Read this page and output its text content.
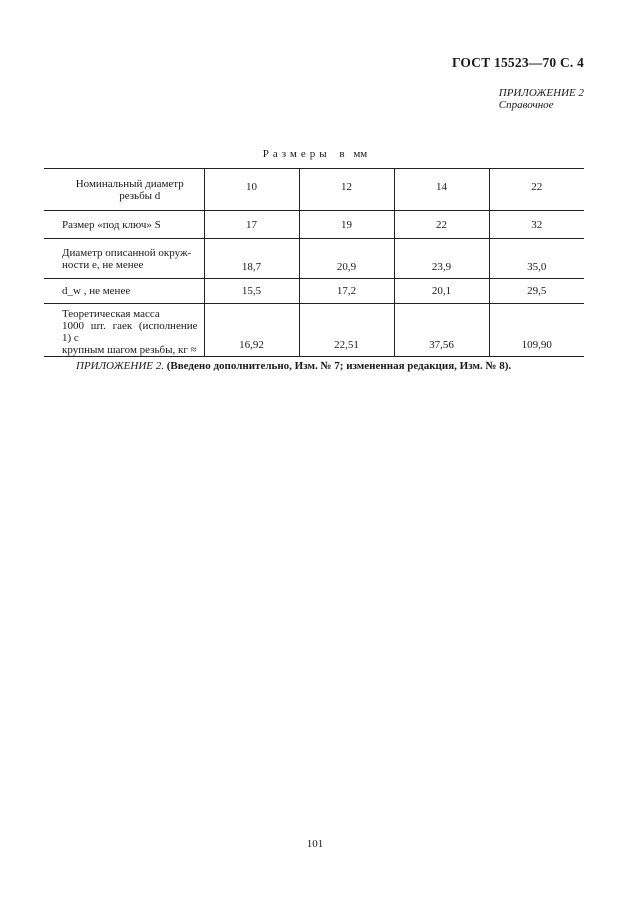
ГОСТ 15523—70 С. 4
ПРИЛОЖЕНИЕ 2
Справочное
Размеры в мм
Номинальный диаметр
резьбы d	10	12	14	22
Размер «под ключ» S	17	19	22	32

Диаметр описанной окруж-
ности е, не менее	18,7	20,9	23,9	35,0
d_w , не менее	15,5	17,2	20,1	29,5

Теоретическая масса
1000 шт. гаек (исполнение 1) с
крупным шагом резьбы, кг ≈	16,92	22,51	37,56	109,90
ПРИЛОЖЕНИЕ 2. (Введено дополнительно, Изм. № 7; измененная редакция, Изм. № 8).
101
